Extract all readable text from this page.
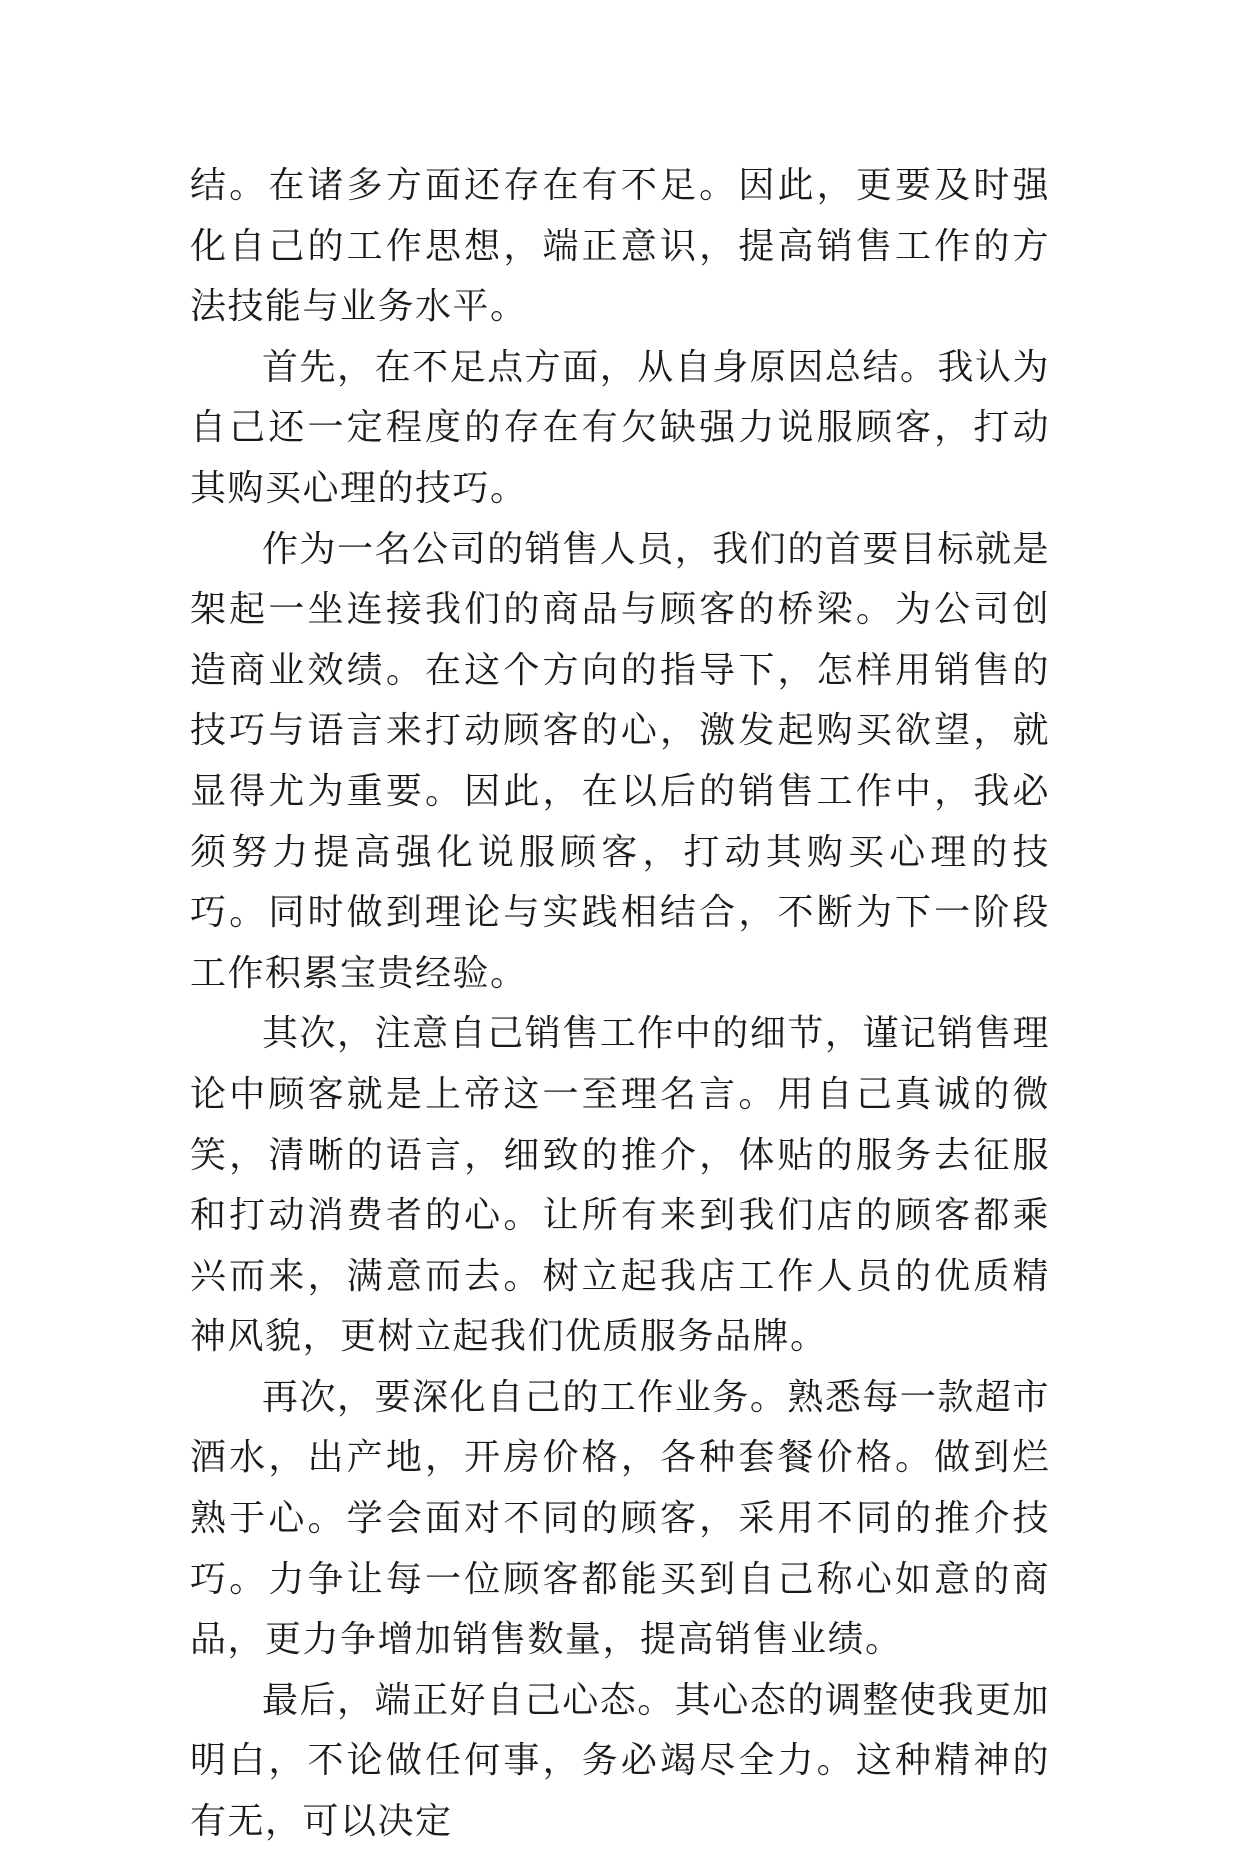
结。在诸多方面还存在有不足。因此，更要及时强化自己的工作思想，端正意识，提高销售工作的方法技能与业务水平。

首先，在不足点方面，从自身原因总结。我认为自己还一定程度的存在有欠缺强力说服顾客，打动其购买心理的技巧。

作为一名公司的销售人员，我们的首要目标就是架起一坐连接我们的商品与顾客的桥梁。为公司创造商业效绩。在这个方向的指导下，怎样用销售的技巧与语言来打动顾客的心，激发起购买欲望，就显得尤为重要。因此，在以后的销售工作中，我必须努力提高强化说服顾客，打动其购买心理的技巧。同时做到理论与实践相结合，不断为下一阶段工作积累宝贵经验。

其次，注意自己销售工作中的细节，谨记销售理论中顾客就是上帝这一至理名言。用自己真诚的微笑，清晰的语言，细致的推介，体贴的服务去征服和打动消费者的心。让所有来到我们店的顾客都乘兴而来，满意而去。树立起我店工作人员的优质精神风貌，更树立起我们优质服务品牌。

再次，要深化自己的工作业务。熟悉每一款超市酒水，出产地，开房价格，各种套餐价格。做到烂熟于心。学会面对不同的顾客，采用不同的推介技巧。力争让每一位顾客都能买到自己称心如意的商品，更力争增加销售数量，提高销售业绩。

最后，端正好自己心态。其心态的调整使我更加明白，不论做任何事，务必竭尽全力。这种精神的有无，可以决定
